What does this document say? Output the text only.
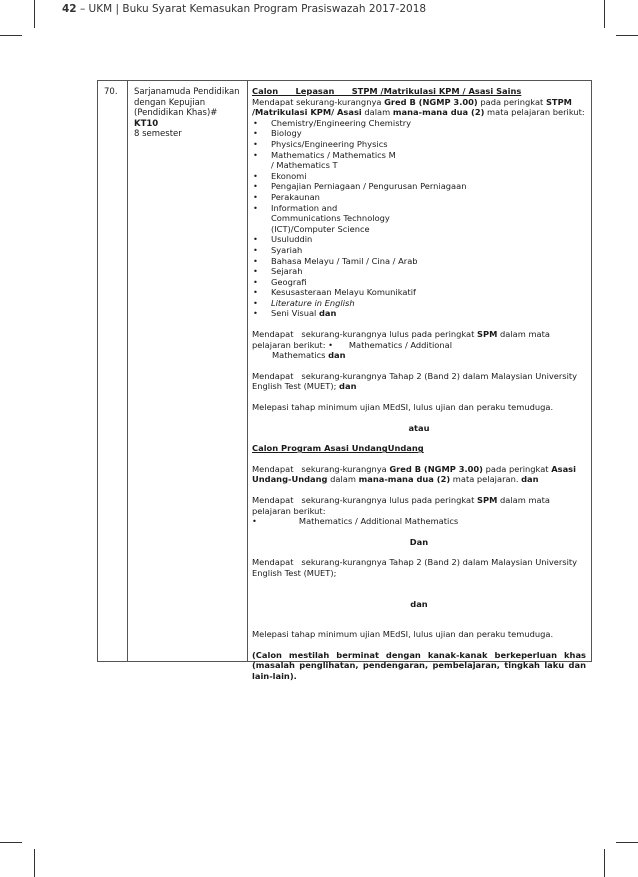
42 – UKM | Buku Syarat Kemasukan Program Prasiswazah 2017-2018
70. Sarjanamuda Pendidikan
dengan Kepujian
(Pendidikan Khas)#
KT10
8 semester

Calon      Lepasan      STPM /Matrikulasi KPM / Asasi Sains

Mendapat sekurang-kurangnya Gred B (NGMP 3.00) pada peringkat STPM /Matrikulasi KPM/ Asasi dalam mana-mana dua (2) mata pelajaran berikut:

• Chemistry/Engineering Chemistry
• Biology
• Physics/Engineering Physics
• Mathematics / Mathematics M
/ Mathematics T
• Ekonomi
• Pengajian Perniagaan / Pengurusan Perniagaan
• Perakaunan
• Information and
Communications Technology
(ICT)/Computer Science
• Usuluddin
• Syariah
• Bahasa Melayu / Tamil / Cina / Arab
• Sejarah
• Geografi
• Kesusasteraan Melayu Komunikatif
• Literature in English
• Seni Visual dan

Mendapat   sekurang-kurangnya lulus pada peringkat SPM dalam mata pelajaran berikut: •      Mathematics / Additional

Mathematics dan

Mendapat   sekurang-kurangnya Tahap 2 (Band 2) dalam Malaysian University English Test (MUET); dan

Melepasi tahap minimum ujian MEdSI, lulus ujian dan peraku temuduga.

atau

Calon Program Asasi UndangUndang

Mendapat   sekurang-kurangnya Gred B (NGMP 3.00) pada peringkat Asasi Undang-Undang dalam mana-mana dua (2) mata pelajaran. dan

Mendapat   sekurang-kurangnya lulus pada peringkat SPM dalam mata pelajaran berikut:

•	Mathematics / Additional Mathematics

Dan

Mendapat   sekurang-kurangnya Tahap 2 (Band 2) dalam Malaysian University English Test (MUET);

dan

Melepasi tahap minimum ujian MEdSI, lulus ujian dan peraku temuduga.

(Calon mestilah berminat dengan kanak-kanak berkeperluan khas (masalah penglihatan, pendengaran, pembelajaran, tingkah laku dan lain-lain).
